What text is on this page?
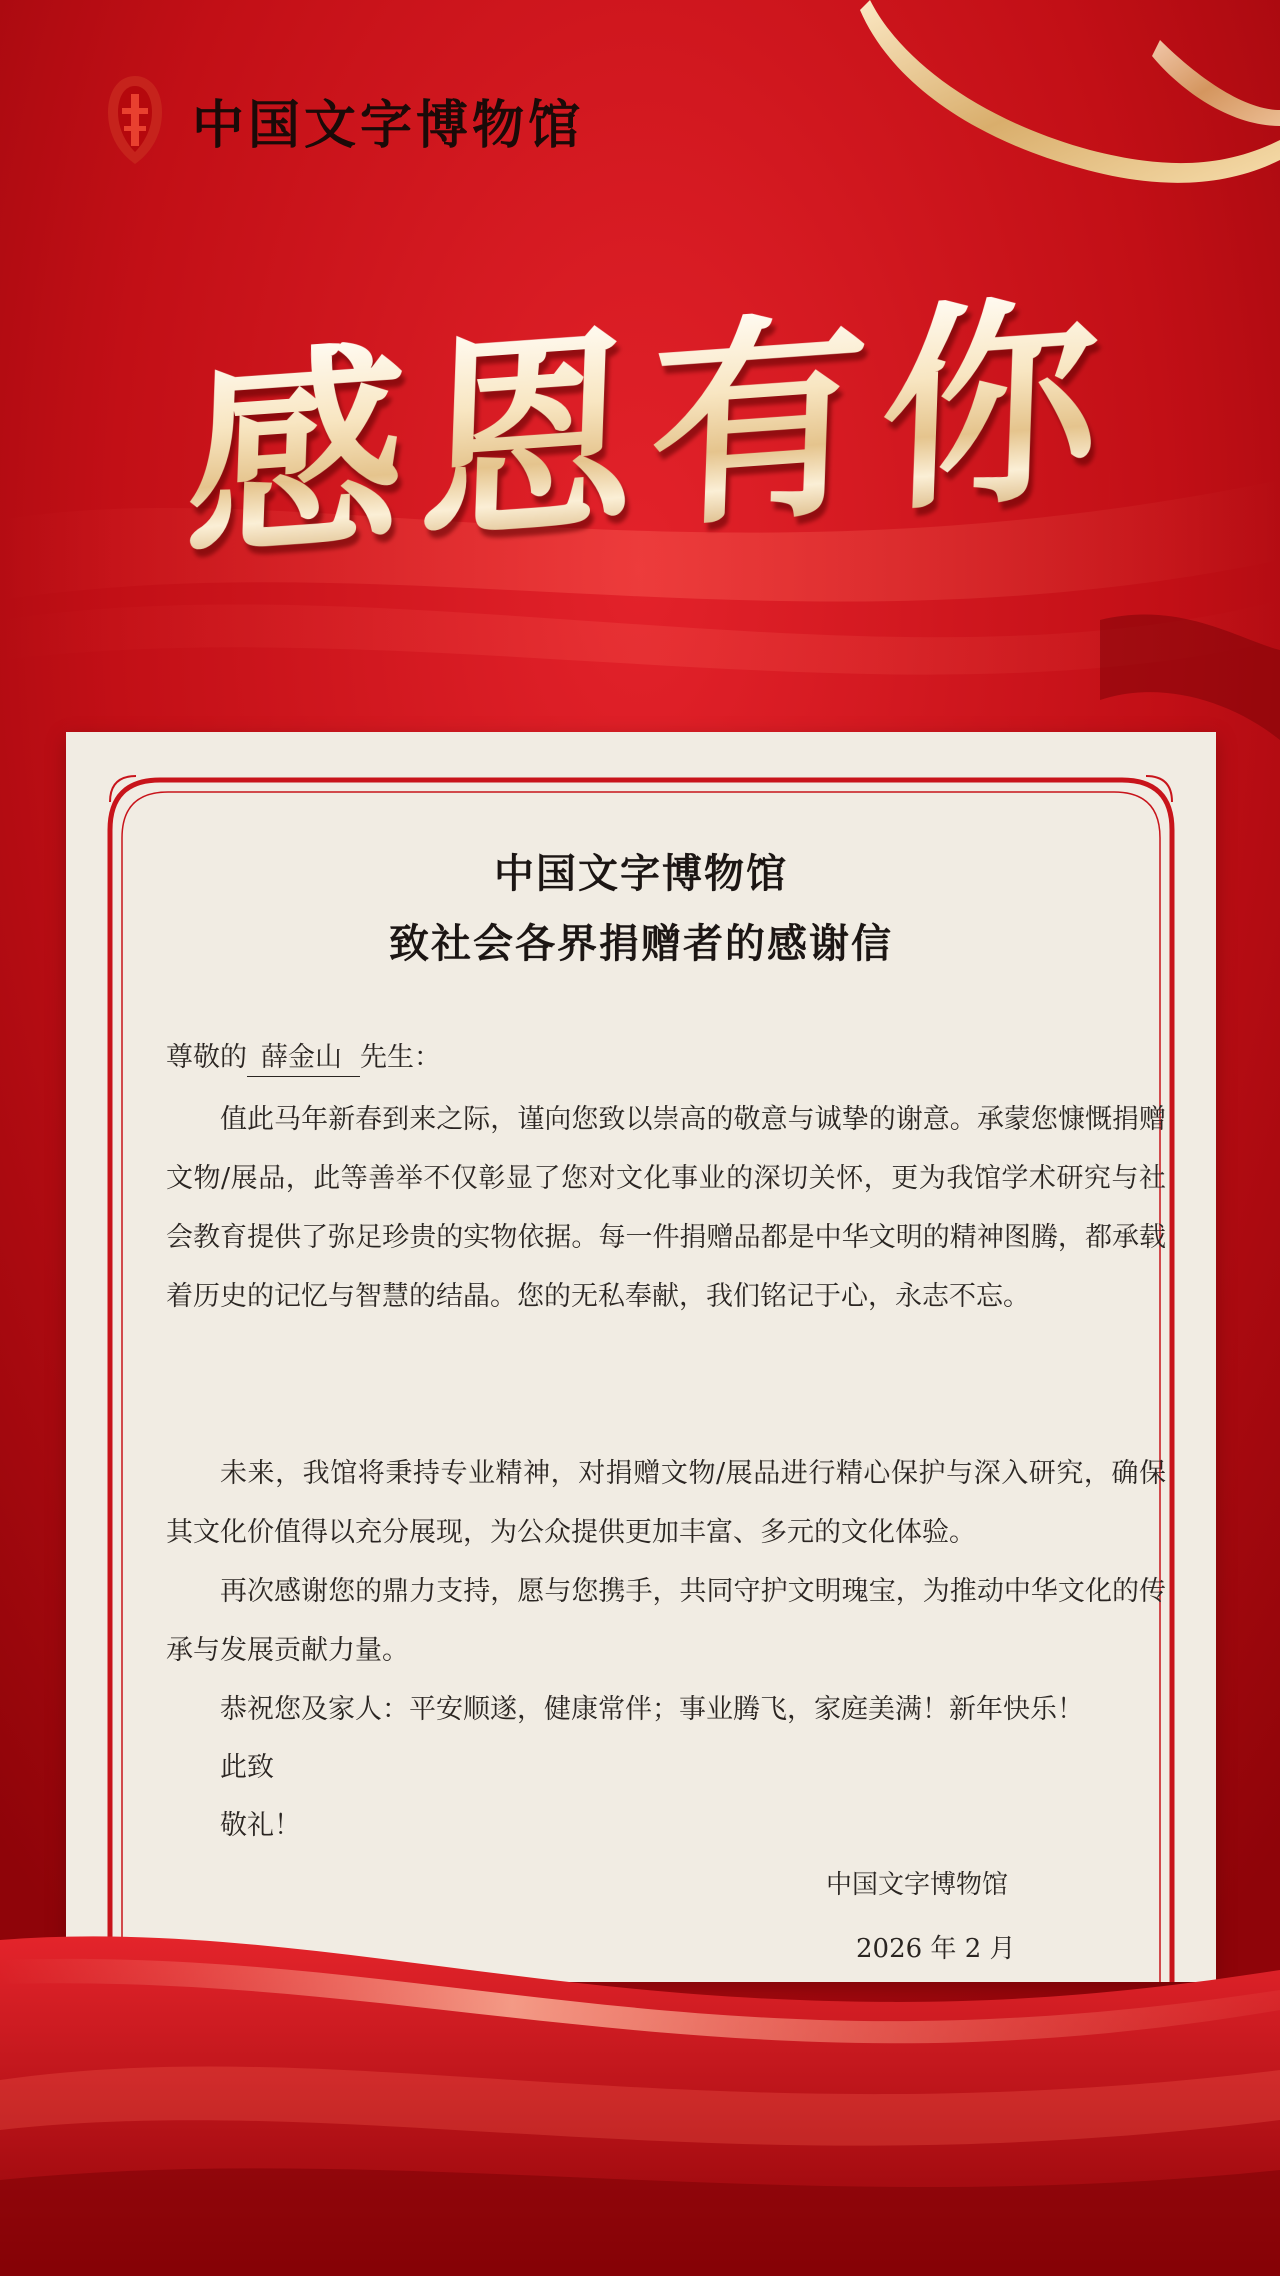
中国文字博物馆
感恩有你
中国文字博物馆
致社会各界捐赠者的感谢信
尊敬的 薛金山 先生：
值此马年新春到来之际，谨向您致以崇高的敬意与诚挚的谢意。承蒙您慷慨捐赠文物/展品，此等善举不仅彰显了您对文化事业的深切关怀，更为我馆学术研究与社会教育提供了弥足珍贵的实物依据。每一件捐赠品都是中华文明的精神图腾，都承载着历史的记忆与智慧的结晶。您的无私奉献，我们铭记于心，永志不忘。
未来，我馆将秉持专业精神，对捐赠文物/展品进行精心保护与深入研究，确保其文化价值得以充分展现，为公众提供更加丰富、多元的文化体验。
再次感谢您的鼎力支持，愿与您携手，共同守护文明瑰宝，为推动中华文化的传承与发展贡献力量。
恭祝您及家人：平安顺遂，健康常伴；事业腾飞，家庭美满！新年快乐！
此致
敬礼！
中国文字博物馆
2026 年 2 月
